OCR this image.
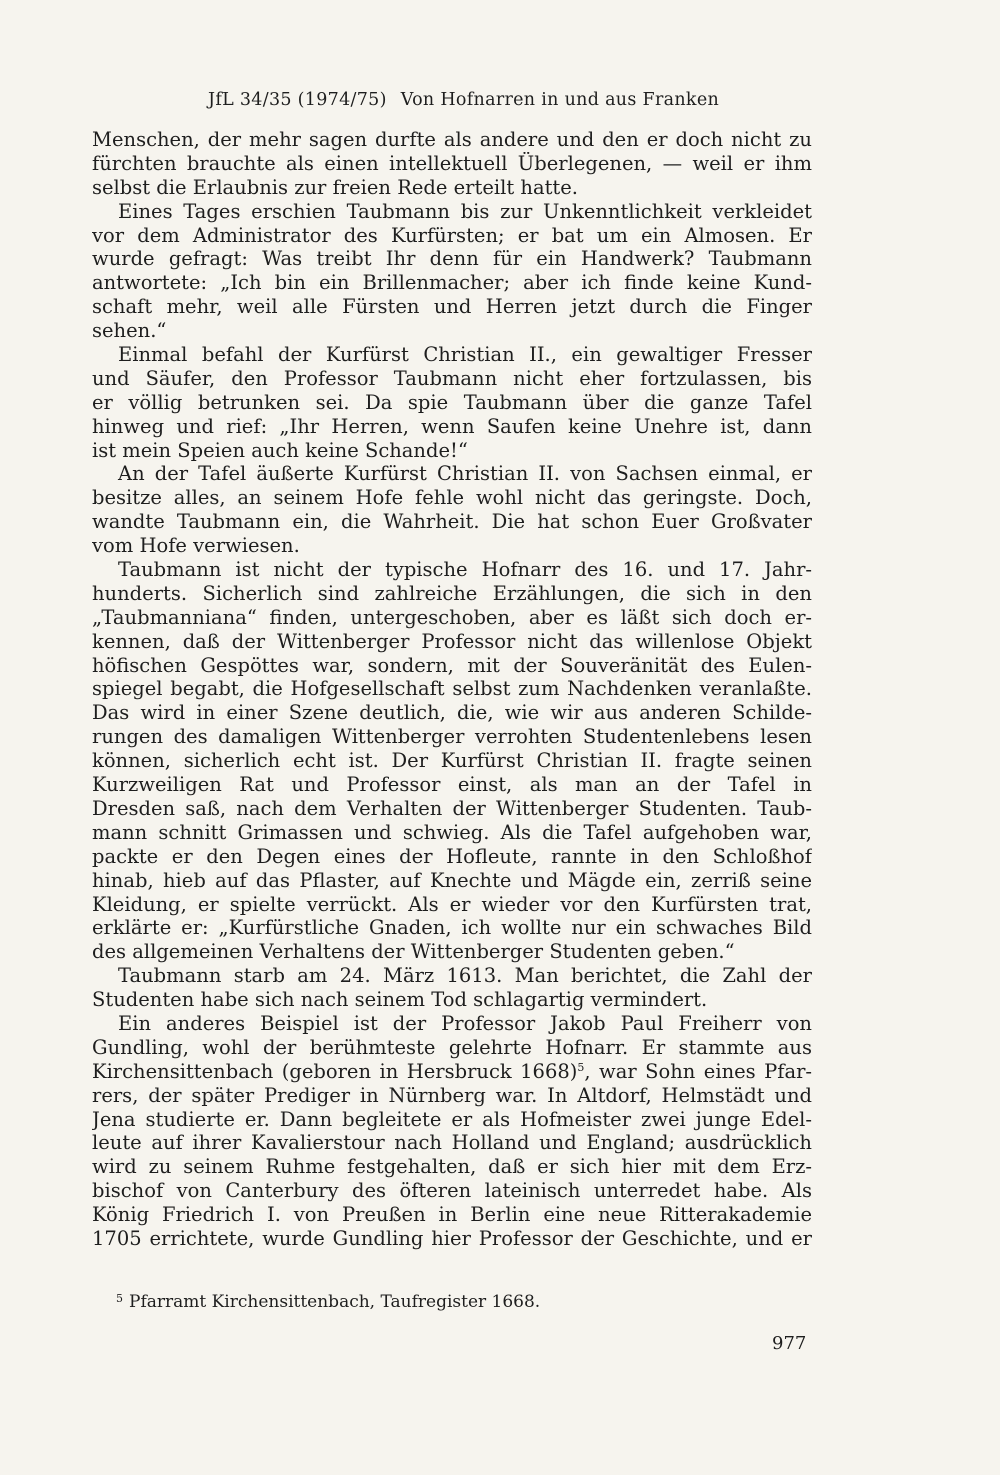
JfL 34/35 (1974/75) Von Hofnarren in und aus Franken
Menschen, der mehr sagen durfte als andere und den er doch nicht zu
fürchten brauchte als einen intellektuell Überlegenen, — weil er ihm
selbst die Erlaubnis zur freien Rede erteilt hatte.
Eines Tages erschien Taubmann bis zur Unkenntlichkeit verkleidet
vor dem Administrator des Kurfürsten; er bat um ein Almosen. Er
wurde gefragt: Was treibt Ihr denn für ein Handwerk? Taubmann
antwortete: „Ich bin ein Brillenmacher; aber ich finde keine Kund-
schaft mehr, weil alle Fürsten und Herren jetzt durch die Finger
sehen.“
Einmal befahl der Kurfürst Christian II., ein gewaltiger Fresser
und Säufer, den Professor Taubmann nicht eher fortzulassen, bis
er völlig betrunken sei. Da spie Taubmann über die ganze Tafel
hinweg und rief: „Ihr Herren, wenn Saufen keine Unehre ist, dann
ist mein Speien auch keine Schande!“
An der Tafel äußerte Kurfürst Christian II. von Sachsen einmal, er
besitze alles, an seinem Hofe fehle wohl nicht das geringste. Doch,
wandte Taubmann ein, die Wahrheit. Die hat schon Euer Großvater
vom Hofe verwiesen.
Taubmann ist nicht der typische Hofnarr des 16. und 17. Jahr-
hunderts. Sicherlich sind zahlreiche Erzählungen, die sich in den
„Taubmanniana“ finden, untergeschoben, aber es läßt sich doch er-
kennen, daß der Wittenberger Professor nicht das willenlose Objekt
höfischen Gespöttes war, sondern, mit der Souveränität des Eulen-
spiegel begabt, die Hofgesellschaft selbst zum Nachdenken veranlaßte.
Das wird in einer Szene deutlich, die, wie wir aus anderen Schilde-
rungen des damaligen Wittenberger verrohten Studentenlebens lesen
können, sicherlich echt ist. Der Kurfürst Christian II. fragte seinen
Kurzweiligen Rat und Professor einst, als man an der Tafel in
Dresden saß, nach dem Verhalten der Wittenberger Studenten. Taub-
mann schnitt Grimassen und schwieg. Als die Tafel aufgehoben war,
packte er den Degen eines der Hofleute, rannte in den Schloßhof
hinab, hieb auf das Pflaster, auf Knechte und Mägde ein, zerriß seine
Kleidung, er spielte verrückt. Als er wieder vor den Kurfürsten trat,
erklärte er: „Kurfürstliche Gnaden, ich wollte nur ein schwaches Bild
des allgemeinen Verhaltens der Wittenberger Studenten geben.“
Taubmann starb am 24. März 1613. Man berichtet, die Zahl der
Studenten habe sich nach seinem Tod schlagartig vermindert.
Ein anderes Beispiel ist der Professor Jakob Paul Freiherr von
Gundling, wohl der berühmteste gelehrte Hofnarr. Er stammte aus
Kirchensittenbach (geboren in Hersbruck 1668)$^5$, war Sohn eines Pfar-
rers, der später Prediger in Nürnberg war. In Altdorf, Helmstädt und
Jena studierte er. Dann begleitete er als Hofmeister zwei junge Edel-
leute auf ihrer Kavalierstour nach Holland und England; ausdrücklich
wird zu seinem Ruhme festgehalten, daß er sich hier mit dem Erz-
bischof von Canterbury des öfteren lateinisch unterredet habe. Als
König Friedrich I. von Preußen in Berlin eine neue Ritterakademie
1705 errichtete, wurde Gundling hier Professor der Geschichte, und er
$^5$ Pfarramt Kirchensittenbach, Taufregister 1668.
977
